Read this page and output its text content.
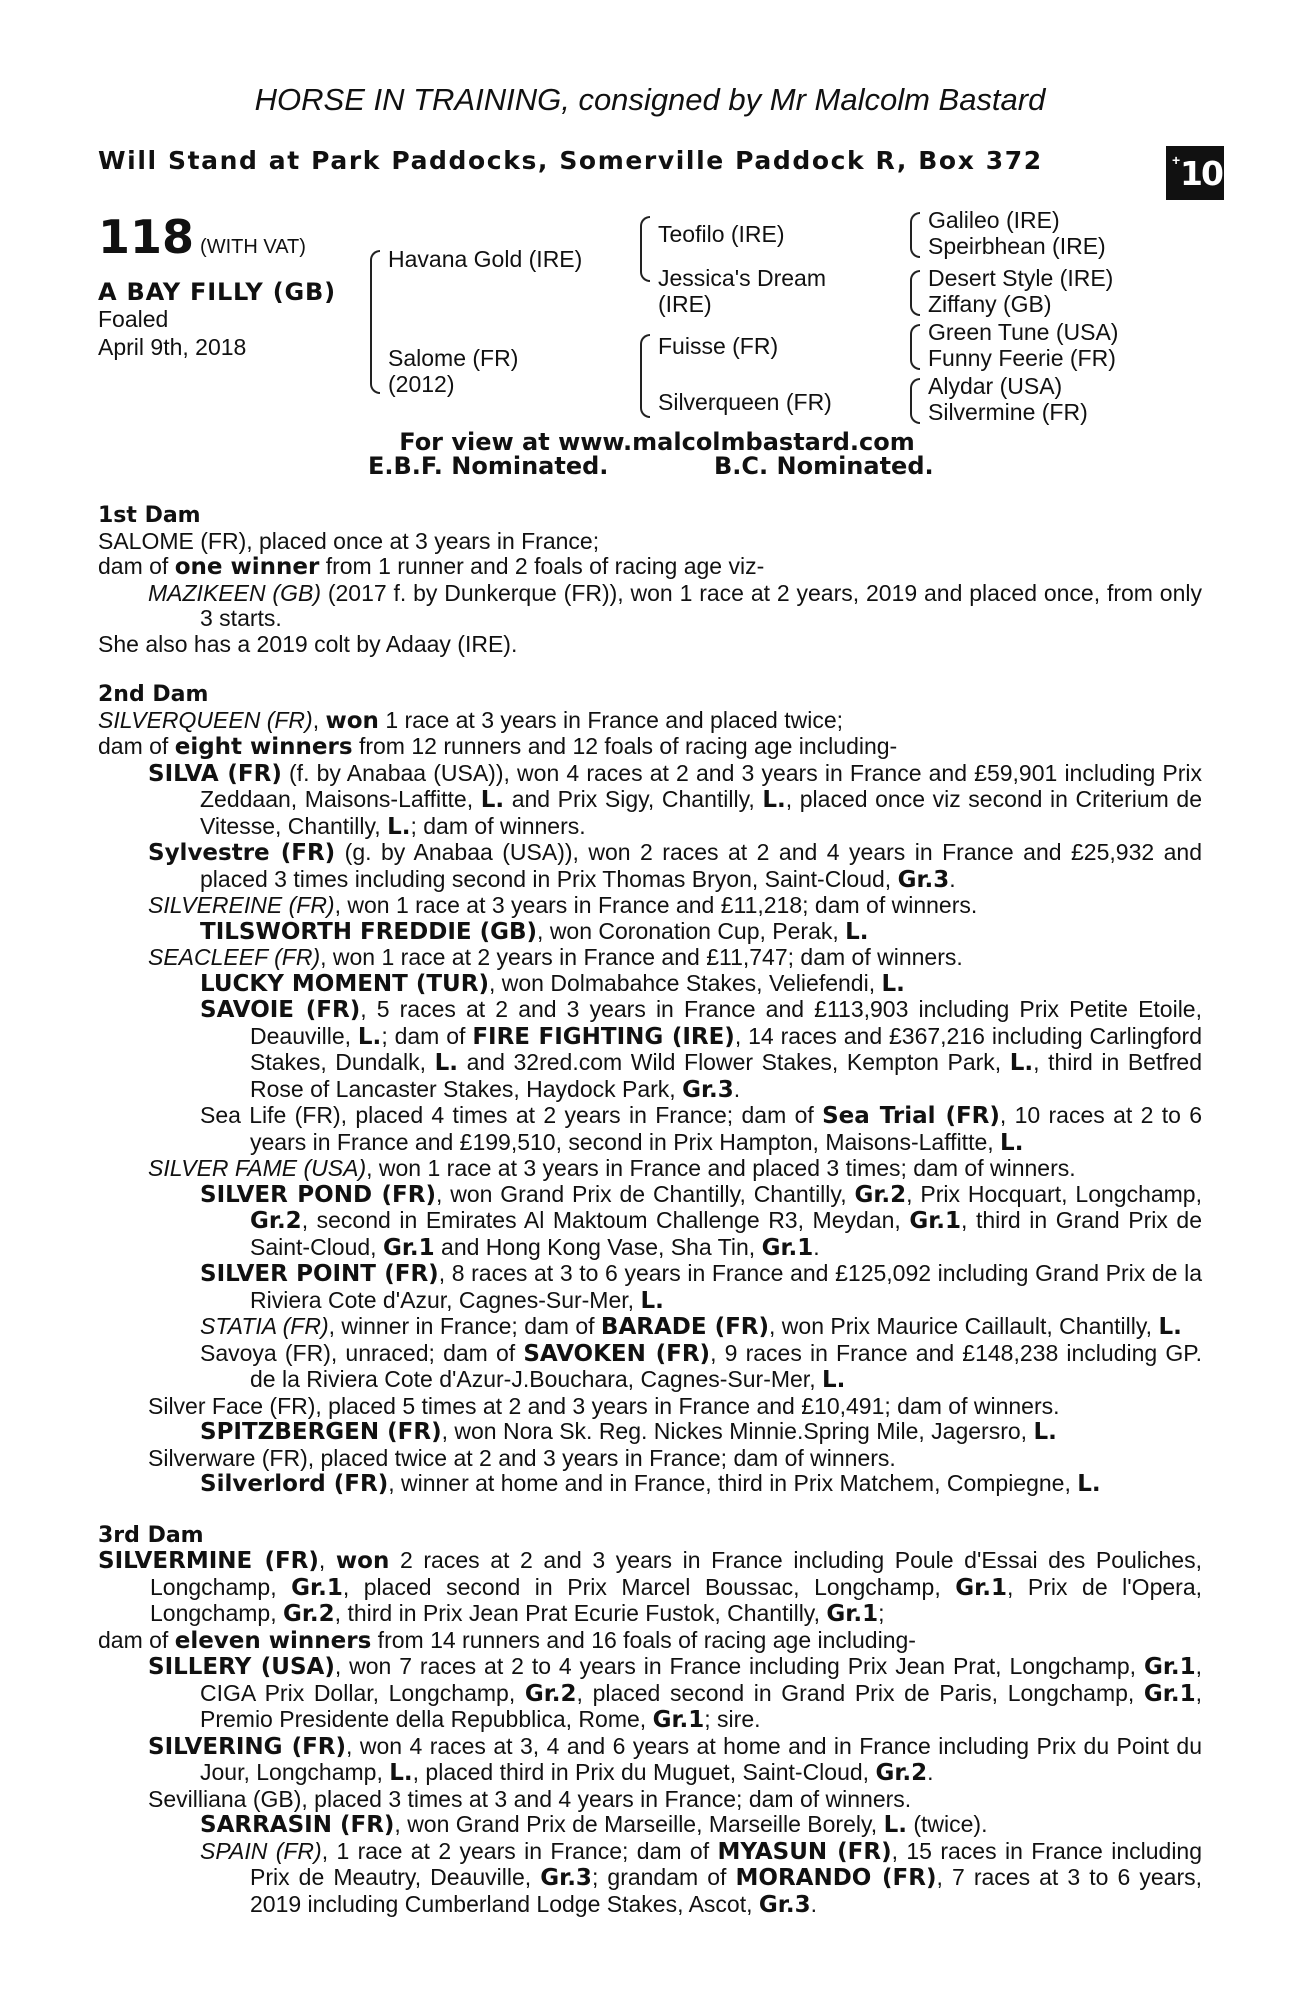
HORSE IN TRAINING, consigned by Mr Malcolm Bastard
Will Stand at Park Paddocks, Somerville Paddock R, Box 372	+ 10
118 (WITH VAT)
A BAY FILLY (GB)
Foaled
April 9th, 2018
Havana Gold (IRE)
Salome (FR)
(2012)
Teofilo (IRE)
Jessica's Dream
(IRE)
Fuisse (FR)
Silverqueen (FR)
Galileo (IRE)
Speirbhean (IRE)
Desert Style (IRE)
Ziffany (GB)
Green Tune (USA)
Funny Feerie (FR)
Alydar (USA)
Silvermine (FR)
For view at www.malcolmbastard.com
E.B.F. Nominated.	B.C. Nominated.

1st Dam

SALOME (FR), placed once at 3 years in France;

dam of one winner from 1 runner and 2 foals of racing age viz-

MAZIKEEN (GB) (2017 f. by Dunkerque (FR)), won 1 race at 2 years, 2019 and placed once, from only 3 starts.

She also has a 2019 colt by Adaay (IRE).

2nd Dam

SILVERQUEEN (FR), won 1 race at 3 years in France and placed twice;

dam of eight winners from 12 runners and 12 foals of racing age including-

SILVA (FR) (f. by Anabaa (USA)), won 4 races at 2 and 3 years in France and £59,901 including Prix Zeddaan, Maisons-Laffitte, L. and Prix Sigy, Chantilly, L., placed once viz second in Criterium de Vitesse, Chantilly, L.; dam of winners.

Sylvestre (FR) (g. by Anabaa (USA)), won 2 races at 2 and 4 years in France and £25,932 and placed 3 times including second in Prix Thomas Bryon, Saint-Cloud, Gr.3.

SILVEREINE (FR), won 1 race at 3 years in France and £11,218; dam of winners.

TILSWORTH FREDDIE (GB), won Coronation Cup, Perak, L.

SEACLEEF (FR), won 1 race at 2 years in France and £11,747; dam of winners.

LUCKY MOMENT (TUR), won Dolmabahce Stakes, Veliefendi, L.

SAVOIE (FR), 5 races at 2 and 3 years in France and £113,903 including Prix Petite Etoile, Deauville, L.; dam of FIRE FIGHTING (IRE), 14 races and £367,216 including Carlingford Stakes, Dundalk, L. and 32red.com Wild Flower Stakes, Kempton Park, L., third in Betfred Rose of Lancaster Stakes, Haydock Park, Gr.3.

Sea Life (FR), placed 4 times at 2 years in France; dam of Sea Trial (FR), 10 races at 2 to 6 years in France and £199,510, second in Prix Hampton, Maisons-Laffitte, L.

SILVER FAME (USA), won 1 race at 3 years in France and placed 3 times; dam of winners.

SILVER POND (FR), won Grand Prix de Chantilly, Chantilly, Gr.2, Prix Hocquart, Longchamp, Gr.2, second in Emirates Al Maktoum Challenge R3, Meydan, Gr.1, third in Grand Prix de Saint-Cloud, Gr.1 and Hong Kong Vase, Sha Tin, Gr.1.

SILVER POINT (FR), 8 races at 3 to 6 years in France and £125,092 including Grand Prix de la Riviera Cote d'Azur, Cagnes-Sur-Mer, L.

STATIA (FR), winner in France; dam of BARADE (FR), won Prix Maurice Caillault, Chantilly, L.

Savoya (FR), unraced; dam of SAVOKEN (FR), 9 races in France and £148,238 including GP. de la Riviera Cote d'Azur-J.Bouchara, Cagnes-Sur-Mer, L.

Silver Face (FR), placed 5 times at 2 and 3 years in France and £10,491; dam of winners.

SPITZBERGEN (FR), won Nora Sk. Reg. Nickes Minnie.Spring Mile, Jagersro, L.

Silverware (FR), placed twice at 2 and 3 years in France; dam of winners.

Silverlord (FR), winner at home and in France, third in Prix Matchem, Compiegne, L.

3rd Dam

SILVERMINE (FR), won 2 races at 2 and 3 years in France including Poule d'Essai des Pouliches, Longchamp, Gr.1, placed second in Prix Marcel Boussac, Longchamp, Gr.1, Prix de l'Opera, Longchamp, Gr.2, third in Prix Jean Prat Ecurie Fustok, Chantilly, Gr.1;

dam of eleven winners from 14 runners and 16 foals of racing age including-

SILLERY (USA), won 7 races at 2 to 4 years in France including Prix Jean Prat, Longchamp, Gr.1, CIGA Prix Dollar, Longchamp, Gr.2, placed second in Grand Prix de Paris, Longchamp, Gr.1, Premio Presidente della Repubblica, Rome, Gr.1; sire.

SILVERING (FR), won 4 races at 3, 4 and 6 years at home and in France including Prix du Point du Jour, Longchamp, L., placed third in Prix du Muguet, Saint-Cloud, Gr.2.

Sevilliana (GB), placed 3 times at 3 and 4 years in France; dam of winners.

SARRASIN (FR), won Grand Prix de Marseille, Marseille Borely, L. (twice).

SPAIN (FR), 1 race at 2 years in France; dam of MYASUN (FR), 15 races in France including Prix de Meautry, Deauville, Gr.3; grandam of MORANDO (FR), 7 races at 3 to 6 years, 2019 including Cumberland Lodge Stakes, Ascot, Gr.3.
